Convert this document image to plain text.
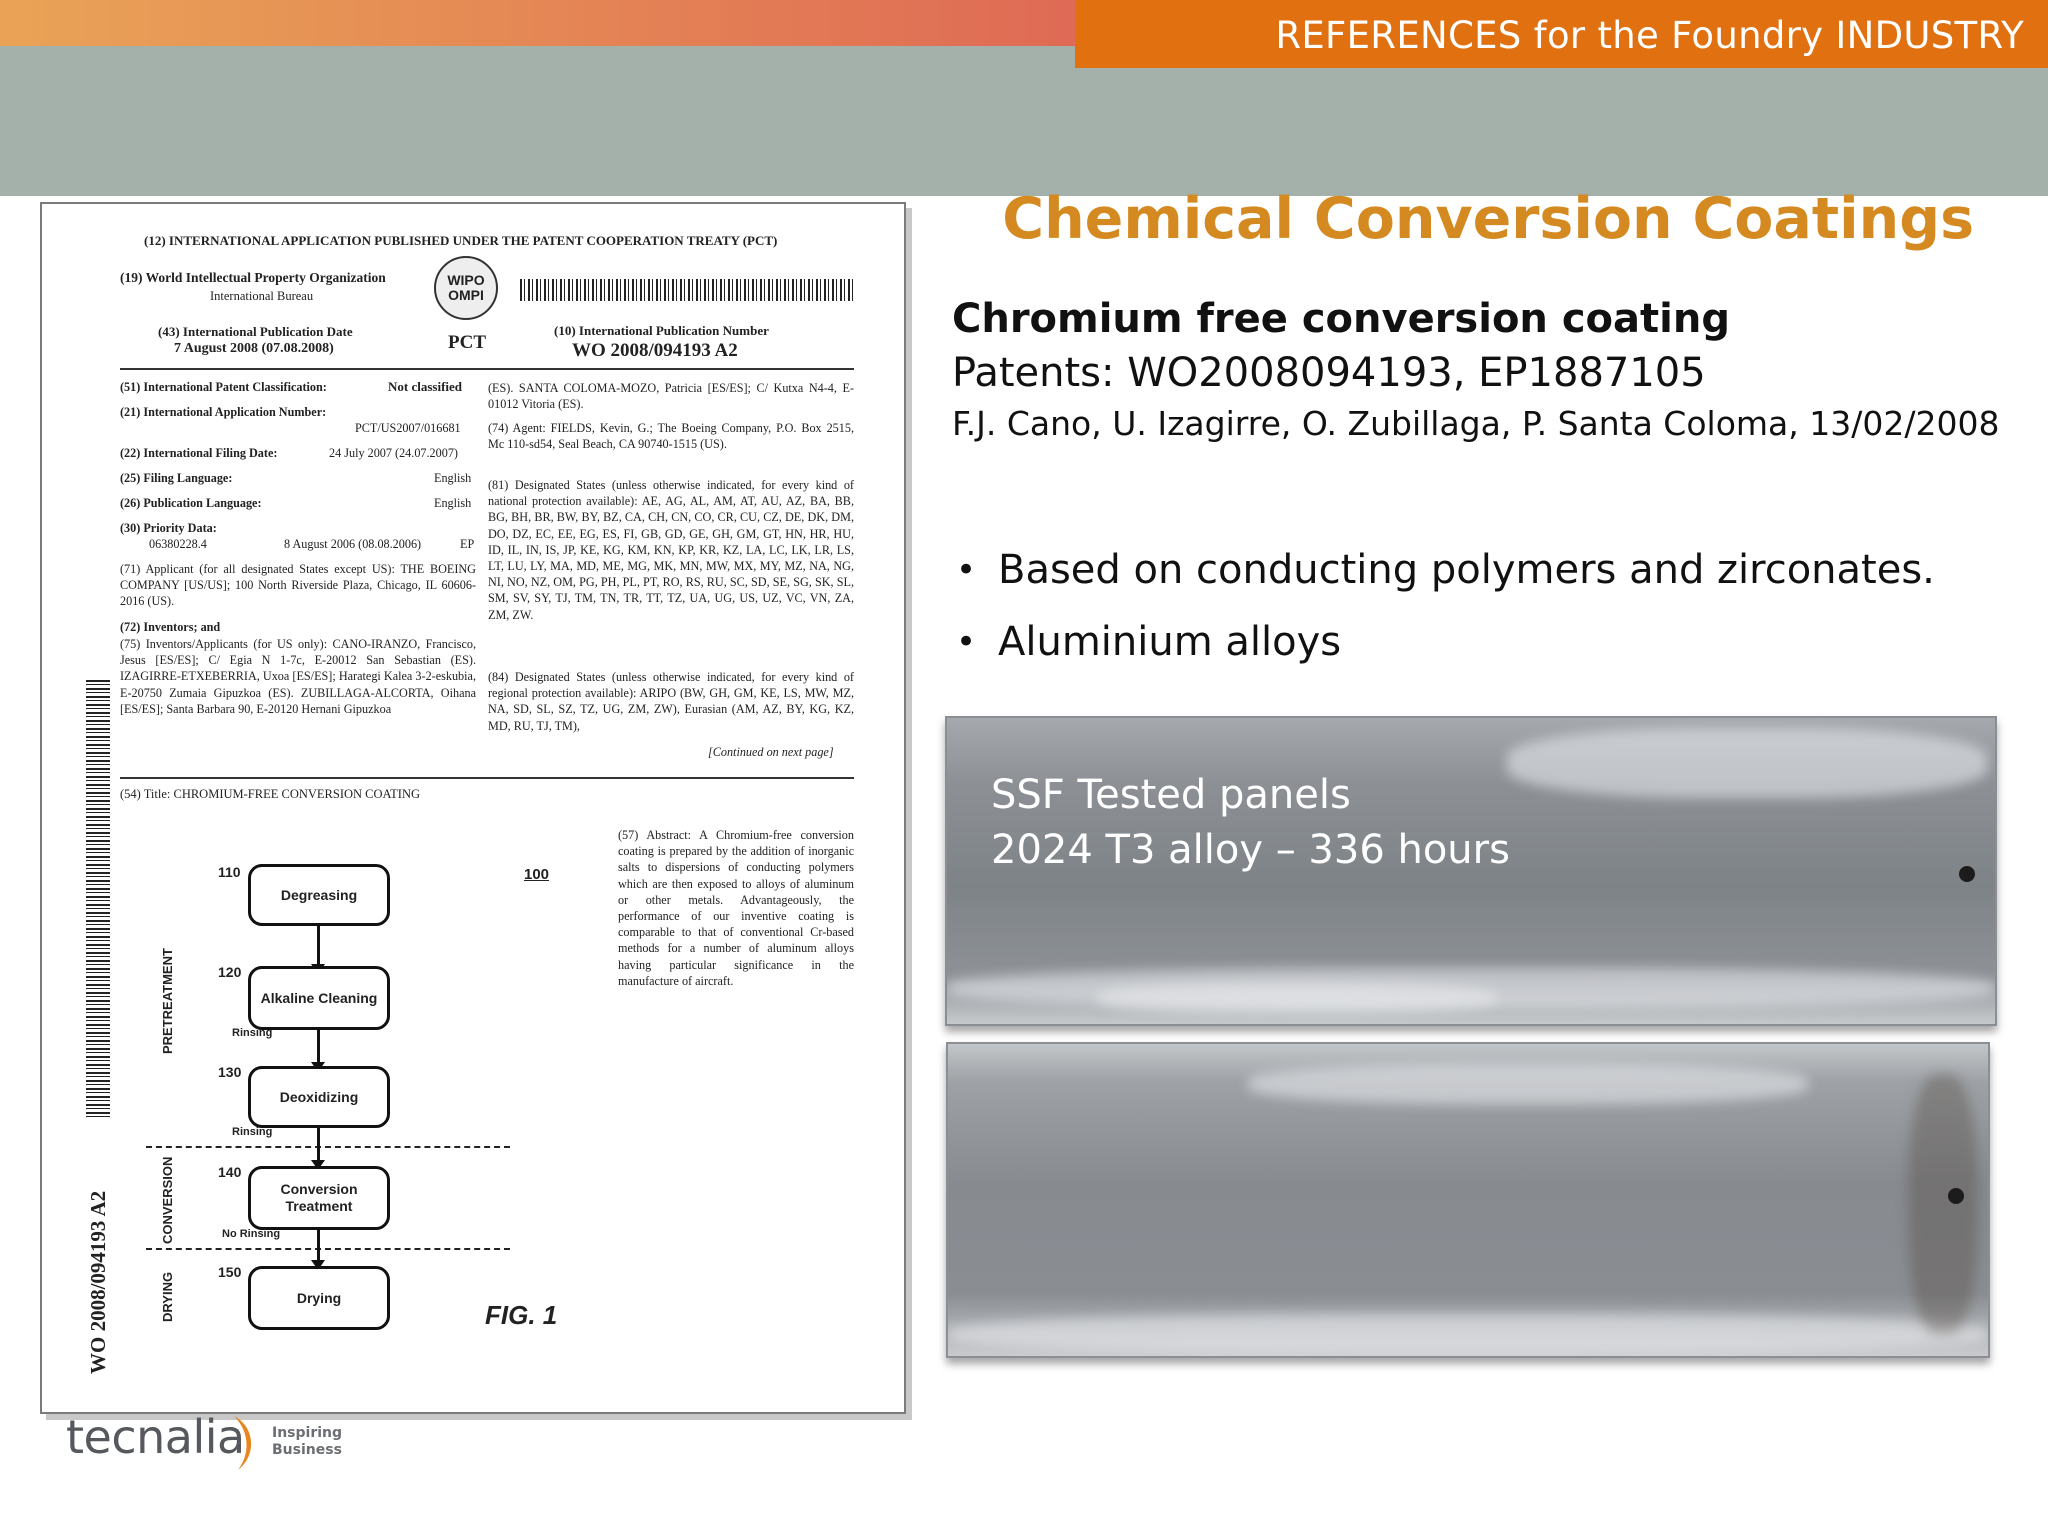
REFERENCES for the Foundry INDUSTRY
Chemical Conversion Coatings
Chromium free conversion coating
Patents: WO2008094193, EP1887105
F.J. Cano, U. Izagirre, O. Zubillaga, P. Santa Coloma, 13/02/2008
• Based on conducting polymers and zirconates.
• Aluminium alloys
SSF Tested panels
2024 T3 alloy – 336 hours
(12) INTERNATIONAL APPLICATION PUBLISHED UNDER THE PATENT COOPERATION TREATY (PCT)
(19) World Intellectual Property Organization
International Bureau
WIPO
OMPI
(43) International Publication Date
7 August 2008 (07.08.2008)	PCT
(10) International Publication Number
WO 2008/094193 A2
(51) International Patent Classification:	Not classified
(21) International Application Number:
PCT/US2007/016681
(22) International Filing Date:	24 July 2007 (24.07.2007)
(25) Filing Language:	English
(26) Publication Language:	English
(30) Priority Data:
06380228.4	8 August 2006 (08.08.2006)	EP
(71) Applicant (for all designated States except US): THE BOEING COMPANY [US/US]; 100 North Riverside Plaza, Chicago, IL 60606-2016 (US).
(72) Inventors; and
(75) Inventors/Applicants (for US only): CANO-IRANZO, Francisco, Jesus [ES/ES]; C/ Egia N 1-7c, E-20012 San Sebastian (ES). IZAGIRRE-ETXEBERRIA, Uxoa [ES/ES]; Harategi Kalea 3-2-eskubia, E-20750 Zumaia Gipuzkoa (ES). ZUBILLAGA-ALCORTA, Oihana [ES/ES]; Santa Barbara 90, E-20120 Hernani Gipuzkoa
(ES). SANTA COLOMA-MOZO, Patricia [ES/ES]; C/ Kutxa N4-4, E-01012 Vitoria (ES).
(74) Agent: FIELDS, Kevin, G.; The Boeing Company, P.O. Box 2515, Mc 110-sd54, Seal Beach, CA 90740-1515 (US).
(81) Designated States (unless otherwise indicated, for every kind of national protection available): AE, AG, AL, AM, AT, AU, AZ, BA, BB, BG, BH, BR, BW, BY, BZ, CA, CH, CN, CO, CR, CU, CZ, DE, DK, DM, DO, DZ, EC, EE, EG, ES, FI, GB, GD, GE, GH, GM, GT, HN, HR, HU, ID, IL, IN, IS, JP, KE, KG, KM, KN, KP, KR, KZ, LA, LC, LK, LR, LS, LT, LU, LY, MA, MD, ME, MG, MK, MN, MW, MX, MY, MZ, NA, NG, NI, NO, NZ, OM, PG, PH, PL, PT, RO, RS, RU, SC, SD, SE, SG, SK, SL, SM, SV, SY, TJ, TM, TN, TR, TT, TZ, UA, UG, US, UZ, VC, VN, ZA, ZM, ZW.
(84) Designated States (unless otherwise indicated, for every kind of regional protection available): ARIPO (BW, GH, GM, KE, LS, MW, MZ, NA, SD, SL, SZ, TZ, UG, ZM, ZW), Eurasian (AM, AZ, BY, KG, KZ, MD, RU, TJ, TM),
[Continued on next page]
(54) Title: CHROMIUM-FREE CONVERSION COATING
(57) Abstract: A Chromium-free conversion coating is prepared by the addition of inorganic salts to dispersions of conducting polymers which are then exposed to alloys of aluminum or other metals. Advantageously, the performance of our inventive coating is comparable to that of conventional Cr-based methods for a number of aluminum alloys having particular significance in the manufacture of aircraft.
WO 2008/094193 A2
100
110
Degreasing
120
Alkaline Cleaning
Rinsing
130
Deoxidizing
Rinsing
140
Conversion Treatment
No Rinsing
150
Drying
PRETREATMENT
CONVERSION
DRYING	FIG. 1
tecnalia Inspiring
Business
